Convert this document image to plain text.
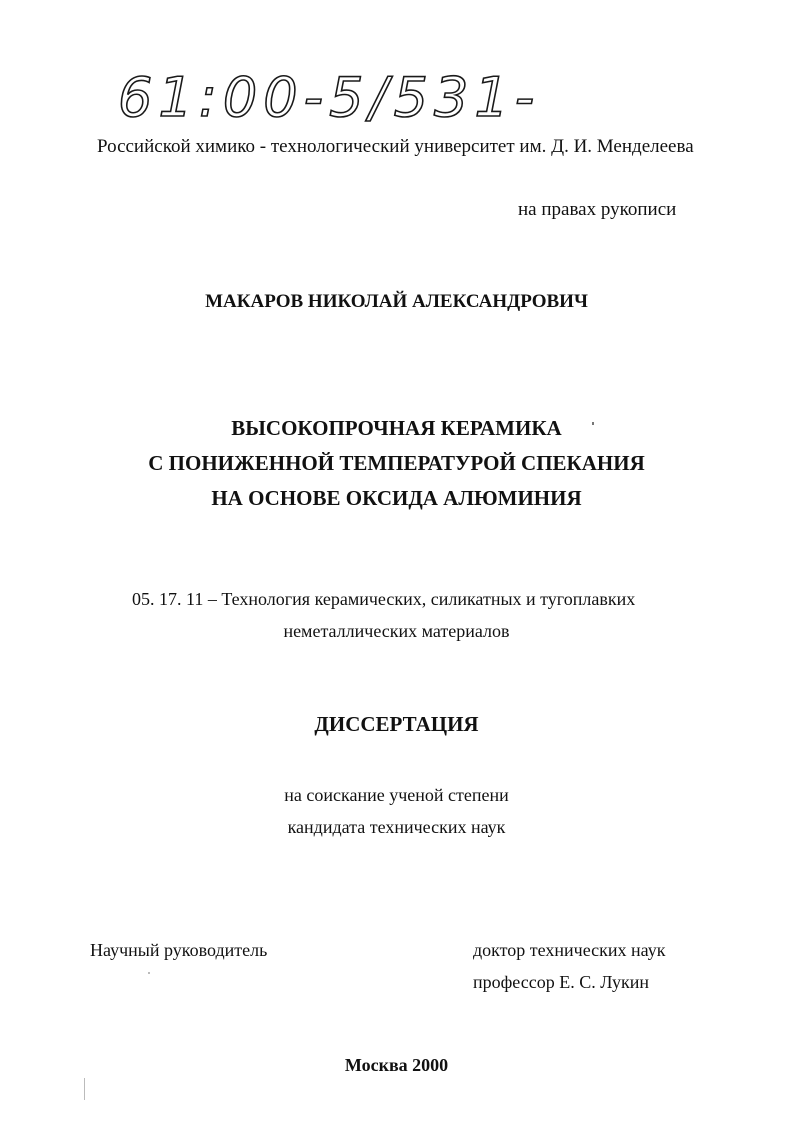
61:00-5/531-0
Российской химико - технологический университет им. Д. И. Менделеева
на правах рукописи
МАКАРОВ НИКОЛАЙ АЛЕКСАНДРОВИЧ
ВЫСОКОПРОЧНАЯ КЕРАМИКА
С ПОНИЖЕННОЙ ТЕМПЕРАТУРОЙ СПЕКАНИЯ
НА ОСНОВЕ ОКСИДА АЛЮМИНИЯ
05. 17. 11 – Технология керамических, силикатных и тугоплавких
неметаллических материалов
ДИССЕРТАЦИЯ
на соискание ученой степени
кандидата технических наук
Научный руководитель	доктор технических наук
профессор Е. С. Лукин
Москва 2000
